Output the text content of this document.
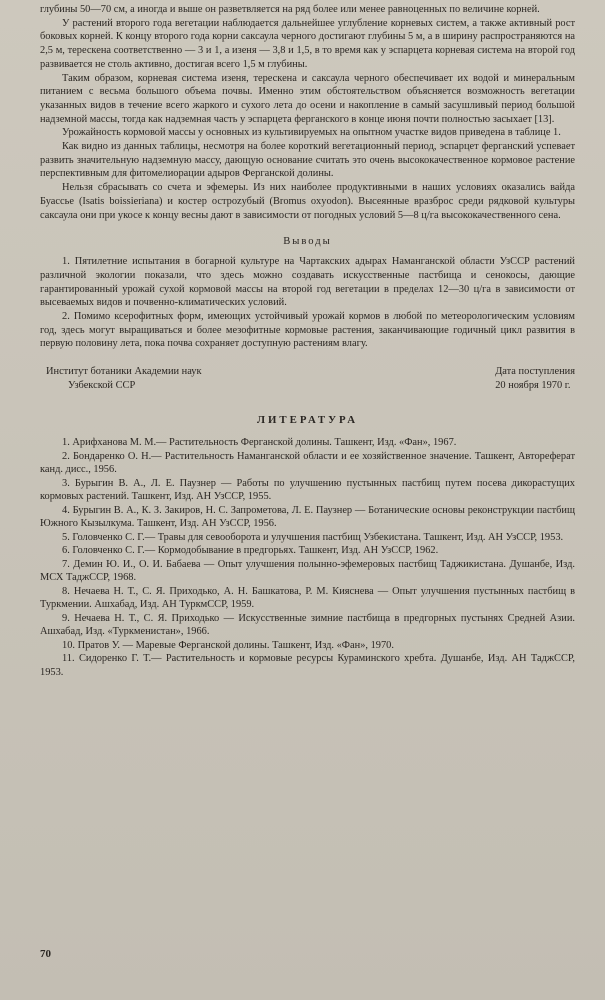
глубины 50—70 см, а иногда и выше он разветвляется на ряд более или менее равноценных по величине корней.

У растений второго года вегетации наблюдается дальнейшее углубление корневых систем, а также активный рост боковых корней. К концу второго года корни саксаула черного достигают глубины 5 м, а в ширину распространяются на 2,5 м, терескена соответственно — 3 и 1, а изеня — 3,8 и 1,5, в то время как у эспарцета корневая система на второй год развивается не столь активно, достигая всего 1,5 м глубины.

Таким образом, корневая система изеня, терескена и саксаула черного обеспечивает их водой и минеральным питанием с весьма большого объема почвы. Именно этим обстоятельством объясняется возможность вегетации указанных видов в течение всего жаркого и сухого лета до осени и накопление в самый засушливый период большой надземной массы, тогда как надземная часть у эспарцета ферганского в конце июня почти полностью засыхает [13].

Урожайность кормовой массы у основных из культивируемых на опытном участке видов приведена в таблице 1.

Как видно из данных таблицы, несмотря на более короткий вегетационный период, эспарцет ферганский успевает развить значительную надземную массу, дающую основание считать это очень высококачественное кормовое растение перспективным для фитомелиорации адыров Ферганской долины.

Нельзя сбрасывать со счета и эфемеры. Из них наиболее продуктивными в наших условиях оказались вайда Буассье (Isatis boissieriana) и костер остроzубый (Bromus oxyodon). Высеянные вразброс среди рядковой культуры саксаула они при укосе к концу весны дают в зависимости от погодных условий 5—8 ц/га высококачественного сена.

Выводы

1. Пятилетние испытания в богарной культуре на Чартакских адырах Наманганской области УзССР растений различной экологии показали, что здесь можно создавать искусственные пастбища и сенокосы, дающие гарантированный урожай сухой кормовой массы на второй год вегетации в пределах 12—30 ц/га в зависимости от высеваемых видов и почвенно-климатических условий.

2. Помимо ксерофитных форм, имеющих устойчивый урожай кормов в любой по метеорологическим условиям год, здесь могут выращиваться и более мезофитные кормовые растения, заканчивающие годичный цикл развития в первую половину лета, пока почва сохраняет доступную растениям влагу.

Институт ботаники Академии наук
Узбекской ССР
Дата поступления
20 ноября 1970 г.
ЛИТЕРАТУРА

1. Арифханова М. М.— Растительность Ферганской долины. Ташкент, Изд. «Фан», 1967.

2. Бондаренко О. Н.— Растительность Наманганской области и ее хозяйственное значение. Ташкент, Автореферат канд. дисс., 1956.

3. Бурыгин В. А., Л. Е. Паузнер — Работы по улучшению пустынных пастбищ путем посева дикорастущих кормовых растений. Ташкент, Изд. АН УзССР, 1955.

4. Бурыгин В. А., К. З. Закиров, Н. С. Запрометова, Л. Е. Паузнер — Ботанические основы реконструкции пастбищ Южного Кызылкума. Ташкент, Изд. АН УзССР, 1956.

5. Головченко С. Г.— Травы для севооборота и улучшения пастбищ Узбекистана. Ташкент, Изд. АН УзССР, 1953.

6. Головченко С. Г.— Кормодобывание в предгорьях. Ташкент, Изд. АН УзССР, 1962.

7. Демин Ю. И., О. И. Бабаева — Опыт улучшения полынно-эфемеровых пастбищ Таджикистана. Душанбе, Изд. МСХ ТаджССР, 1968.

8. Нечаева Н. Т., С. Я. Приходько, А. Н. Башкатова, Р. М. Кияснева — Опыт улучшения пустынных пастбищ в Туркмении. Ашхабад, Изд. АН ТуркмССР, 1959.

9. Нечаева Н. Т., С. Я. Приходько — Искусственные зимние пастбища в предгорных пустынях Средней Азии. Ашхабад, Изд. «Туркменистан», 1966.

10. Пратов У. — Маревые Ферганской долины. Ташкент, Изд. «Фан», 1970.

11. Сидоренко Г. Т.— Растительность и кормовые ресурсы Кураминского хребта. Душанбе, Изд. АН ТаджССР, 1953.

70
